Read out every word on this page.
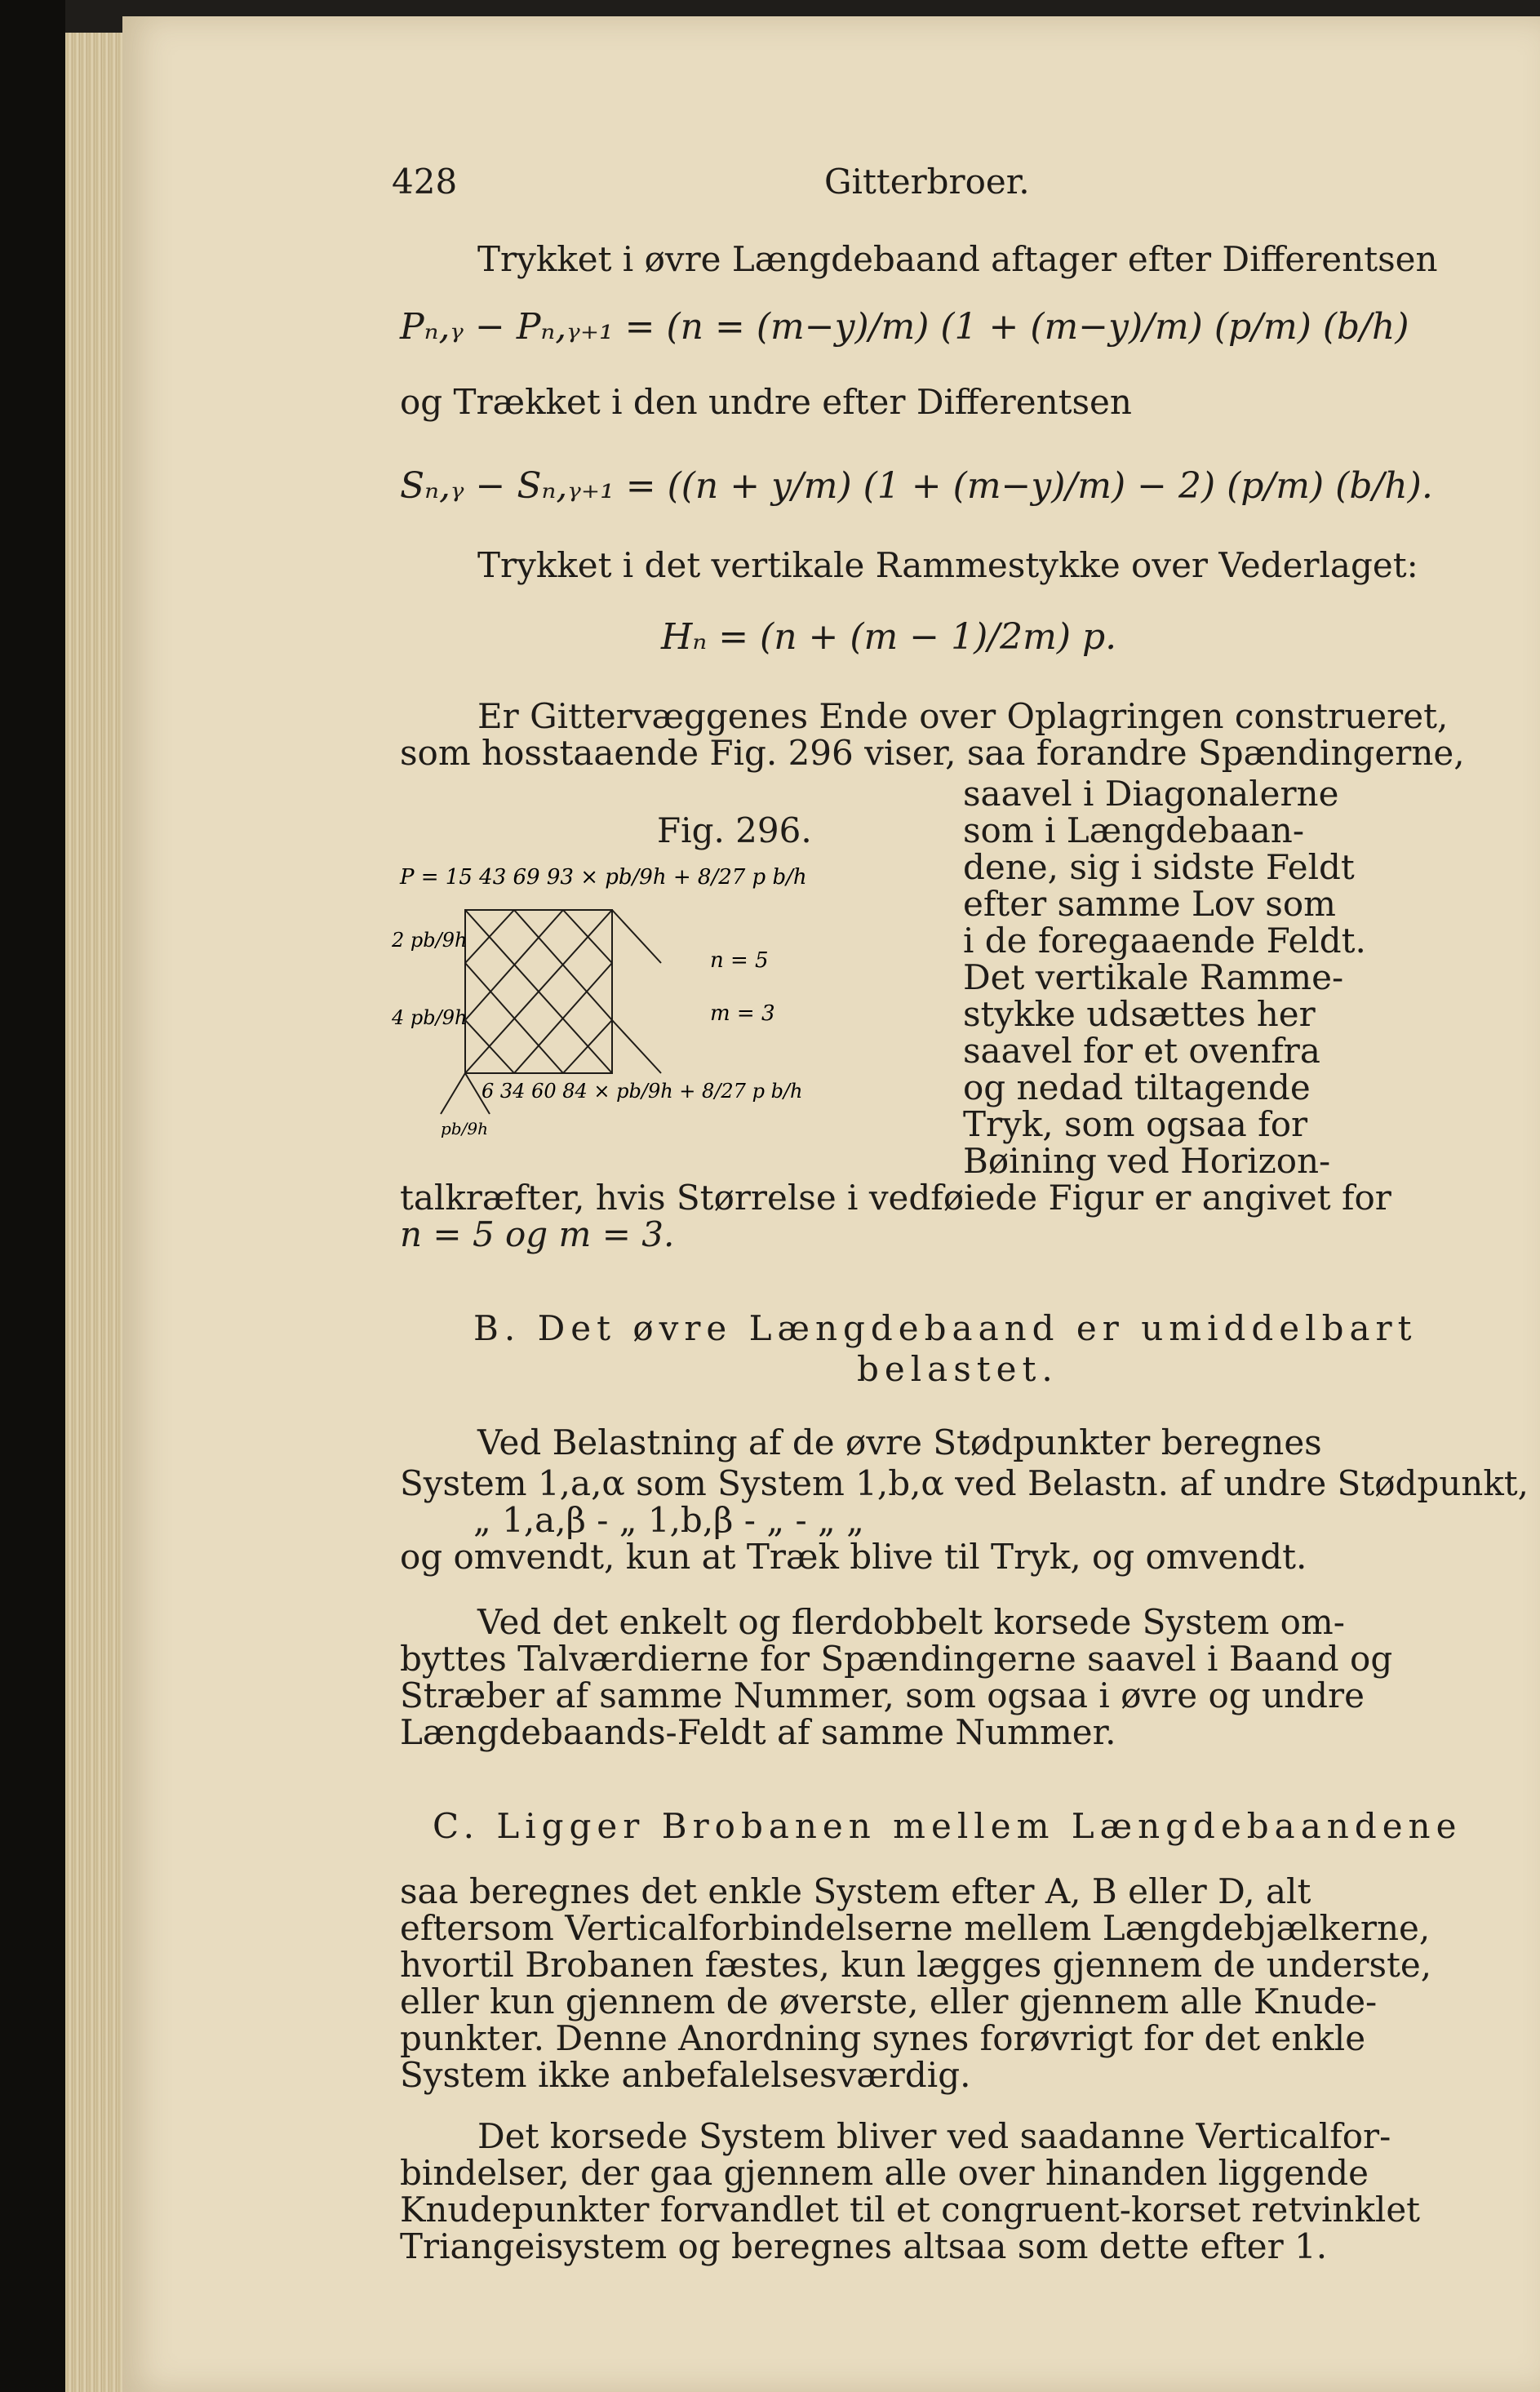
428	Gitterbroer.
Trykket i øvre Længdebaand aftager efter Differentsen
Pₙ,ᵧ − Pₙ,ᵧ₊₁ = (n = (m−y)/m) (1 + (m−y)/m) (p/m) (b/h)
og Trækket i den undre efter Differentsen
Sₙ,ᵧ − Sₙ,ᵧ₊₁ = ((n + y/m) (1 + (m−y)/m) − 2) (p/m) (b/h).
Trykket i det vertikale Rammestykke over Vederlaget:
Hₙ = (n + (m − 1)/2m) p.
Er Gittervæggenes Ende over Oplagringen construeret,
som hosstaaende Fig. 296 viser, saa forandre Spændingerne,
Fig. 296.
P = 15 43 69 93 × pb/9h + 8/27 p b/h
2 pb/9h
4 pb/9h
n = 5
m = 3
6 34 60 84 × pb/9h + 8/27 p b/h
pb/9h
saavel i Diagonalerne
som i Længdebaan-
dene, sig i sidste Feldt
efter samme Lov som
i de foregaaende Feldt.
Det vertikale Ramme-
stykke udsættes her
saavel for et ovenfra
og nedad tiltagende
Tryk, som ogsaa for
Bøining ved Horizon-
talkræfter, hvis Størrelse i vedføiede Figur er angivet for
n = 5 og m = 3.
B. Det øvre Længdebaand er umiddelbart
belastet.
Ved Belastning af de øvre Stødpunkter beregnes
System 1,a,α som System 1,b,α ved Belastn. af undre Stødpunkt,
„ 1,a,β - „ 1,b,β - „ - „ „
og omvendt, kun at Træk blive til Tryk, og omvendt.
Ved det enkelt og flerdobbelt korsede System om-
byttes Talværdierne for Spændingerne saavel i Baand og
Stræber af samme Nummer, som ogsaa i øvre og undre
Længdebaands-Feldt af samme Nummer.
C. Ligger Brobanen mellem Længdebaandene
saa beregnes det enkle System efter A, B eller D, alt
eftersom Verticalforbindelserne mellem Længdebjælkerne,
hvortil Brobanen fæstes, kun lægges gjennem de underste,
eller kun gjennem de øverste, eller gjennem alle Knude-
punkter. Denne Anordning synes forøvrigt for det enkle
System ikke anbefalelsesværdig.
Det korsede System bliver ved saadanne Verticalfor-
bindelser, der gaa gjennem alle over hinanden liggende
Knudepunkter forvandlet til et congruent-korset retvinklet
Triangeisystem og beregnes altsaa som dette efter 1.
